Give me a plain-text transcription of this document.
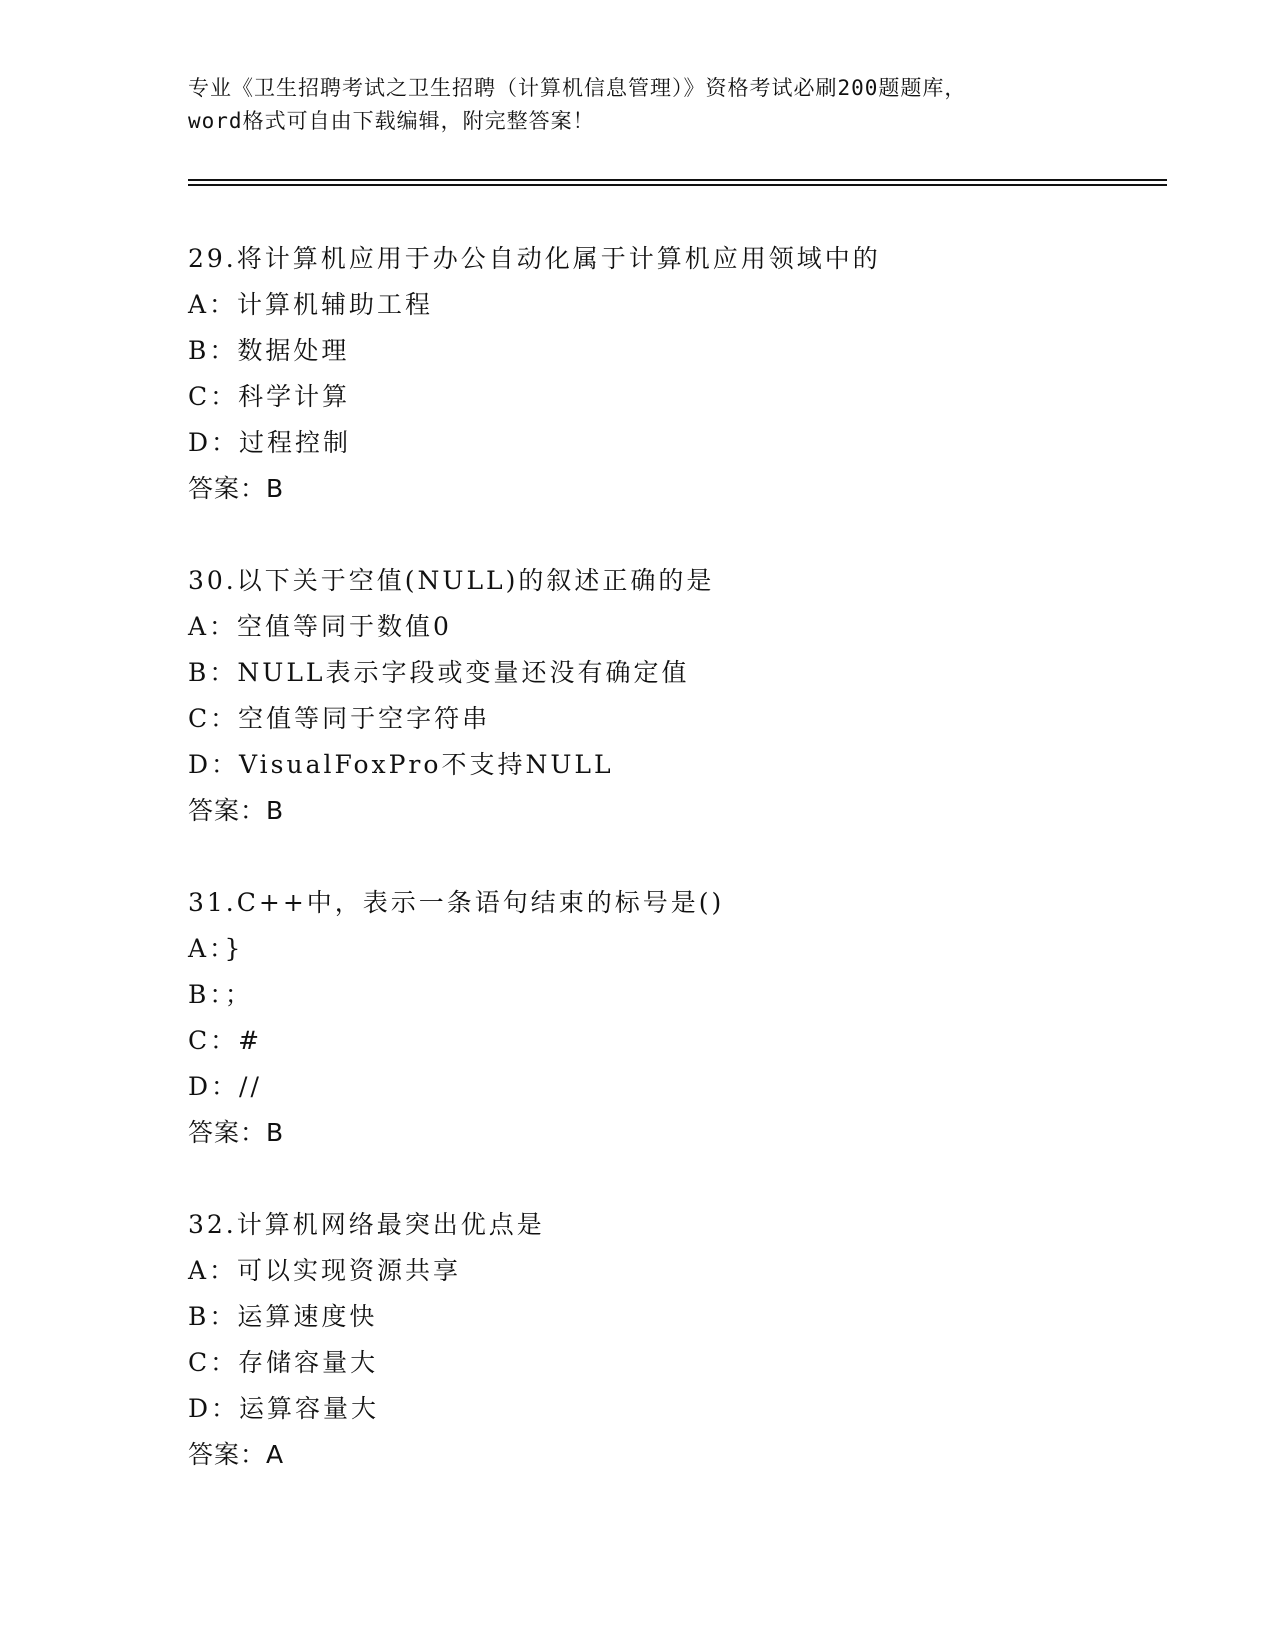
专业《卫生招聘考试之卫生招聘（计算机信息管理）》资格考试必刷200题题库，

word格式可自由下载编辑，附完整答案！

29.将计算机应用于办公自动化属于计算机应用领域中的
A：计算机辅助工程
B：数据处理
C：科学计算
D：过程控制
答案：B
30.以下关于空值(NULL)的叙述正确的是
A：空值等同于数值0
B：NULL表示字段或变量还没有确定值
C：空值等同于空字符串
D：VisualFoxPro不支持NULL
答案：B
31.C++中，表示一条语句结束的标号是()
A：}
B：；
C：#
D：//
答案：B
32.计算机网络最突出优点是
A：可以实现资源共享
B：运算速度快
C：存储容量大
D：运算容量大
答案：A
